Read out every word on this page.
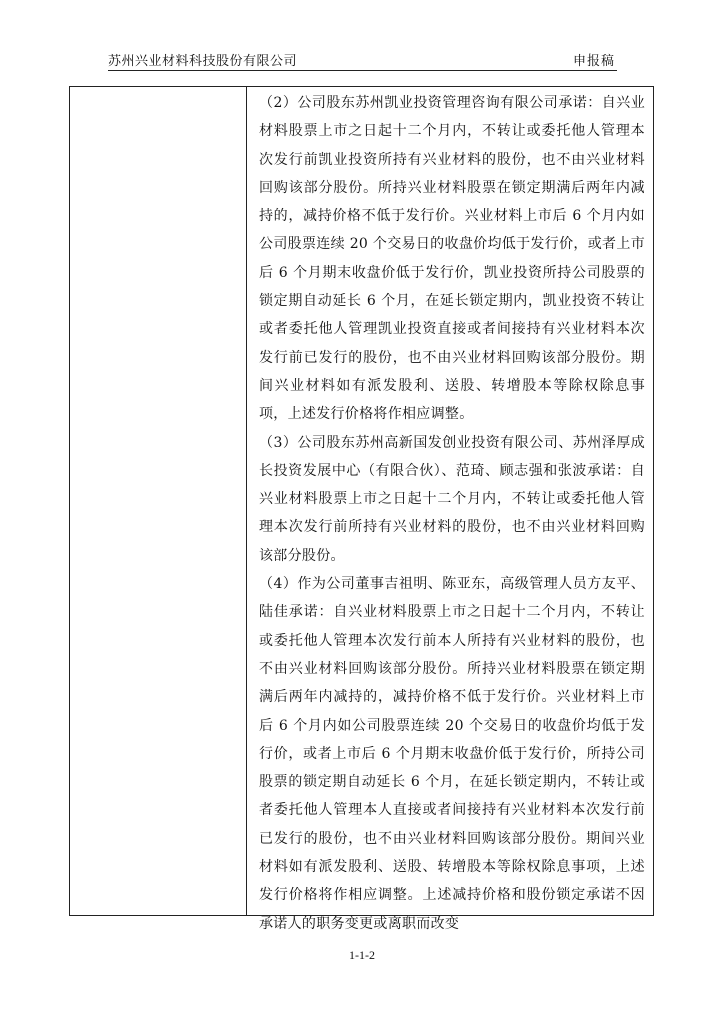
苏州兴业材料科技股份有限公司	申报稿

（2）公司股东苏州凯业投资管理咨询有限公司承诺：自兴业材料股票上市之日起十二个月内，不转让或委托他人管理本次发行前凯业投资所持有兴业材料的股份，也不由兴业材料回购该部分股份。所持兴业材料股票在锁定期满后两年内减持的，减持价格不低于发行价。兴业材料上市后 6 个月内如公司股票连续 20 个交易日的收盘价均低于发行价，或者上市后 6 个月期末收盘价低于发行价，凯业投资所持公司股票的锁定期自动延长 6 个月，在延长锁定期内，凯业投资不转让或者委托他人管理凯业投资直接或者间接持有兴业材料本次发行前已发行的股份，也不由兴业材料回购该部分股份。期间兴业材料如有派发股利、送股、转增股本等除权除息事项，上述发行价格将作相应调整。

（3）公司股东苏州高新国发创业投资有限公司、苏州泽厚成长投资发展中心（有限合伙）、范琦、顾志强和张波承诺：自兴业材料股票上市之日起十二个月内，不转让或委托他人管理本次发行前所持有兴业材料的股份，也不由兴业材料回购该部分股份。

（4）作为公司董事吉祖明、陈亚东，高级管理人员方友平、陆佳承诺：自兴业材料股票上市之日起十二个月内，不转让或委托他人管理本次发行前本人所持有兴业材料的股份，也不由兴业材料回购该部分股份。所持兴业材料股票在锁定期满后两年内减持的，减持价格不低于发行价。兴业材料上市后 6 个月内如公司股票连续 20 个交易日的收盘价均低于发行价，或者上市后 6 个月期末收盘价低于发行价，所持公司股票的锁定期自动延长 6 个月，在延长锁定期内，不转让或者委托他人管理本人直接或者间接持有兴业材料本次发行前已发行的股份，也不由兴业材料回购该部分股份。期间兴业材料如有派发股利、送股、转增股本等除权除息事项，上述发行价格将作相应调整。上述减持价格和股份锁定承诺不因承诺人的职务变更或离职而改变

1-1-2
